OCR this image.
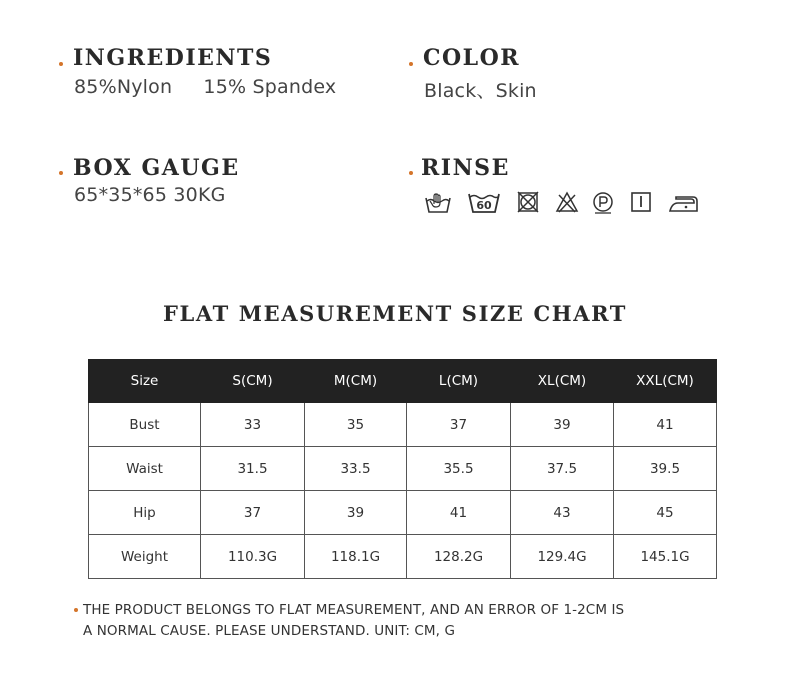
INGREDIENTS
85%Nylon     15% Spandex
COLOR
Black、Skin
BOX GAUGE
65*35*65 30KG
RINSE
60
FLAT MEASUREMENT SIZE CHART
Size	S(CM)	M(CM)	L(CM)	XL(CM)	XXL(CM)
Bust	33	35	37	39	41
Waist	31.5	33.5	35.5	37.5	39.5
Hip	37	39	41	43	45
Weight	110.3G	118.1G	128.2G	129.4G	145.1G
THE PRODUCT BELONGS TO FLAT MEASUREMENT, AND AN ERROR OF 1-2CM IS
A NORMAL CAUSE. PLEASE UNDERSTAND. UNIT: CM, G
